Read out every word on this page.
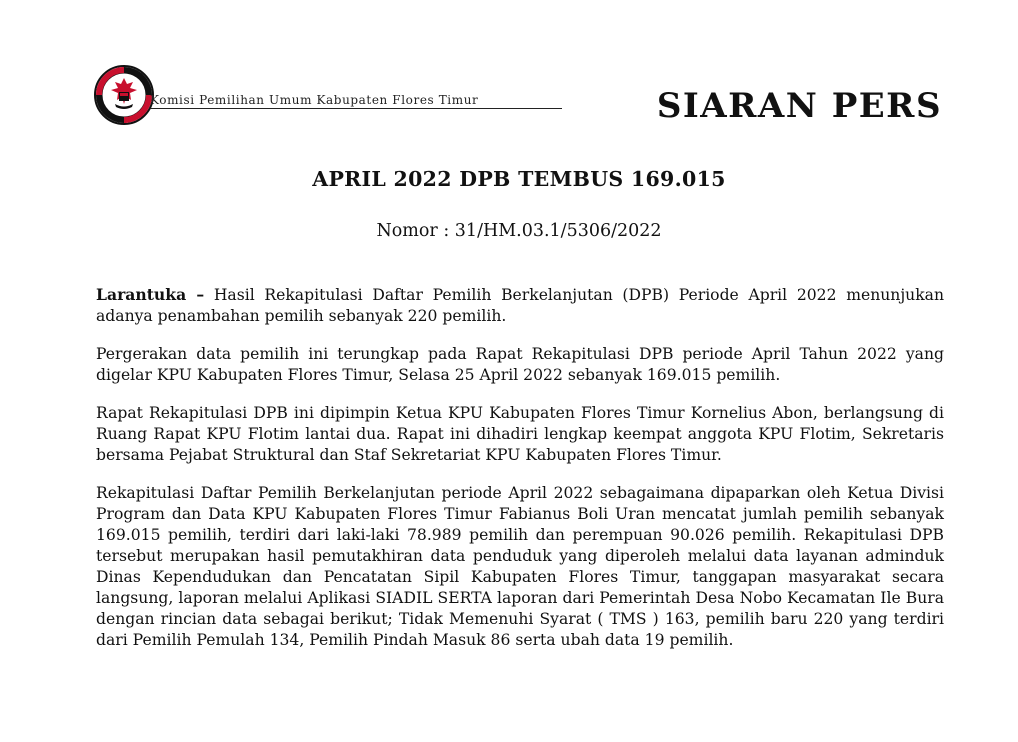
Komisi Pemilihan Umum Kabupaten Flores Timur	SIARAN PERS
APRIL 2022 DPB TEMBUS 169.015
Nomor : 31/HM.03.1/5306/2022

Larantuka – Hasil Rekapitulasi Daftar Pemilih Berkelanjutan (DPB) Periode April 2022 menunjukan adanya penambahan pemilih sebanyak 220 pemilih.

Pergerakan data pemilih ini terungkap pada Rapat Rekapitulasi DPB periode April Tahun 2022 yang digelar KPU Kabupaten Flores Timur, Selasa 25 April 2022 sebanyak 169.015 pemilih.

Rapat Rekapitulasi DPB ini dipimpin Ketua KPU Kabupaten Flores Timur Kornelius Abon, berlangsung di Ruang Rapat KPU Flotim lantai dua. Rapat ini dihadiri lengkap keempat anggota KPU Flotim, Sekretaris bersama Pejabat Struktural dan Staf Sekretariat KPU Kabupaten Flores Timur.

Rekapitulasi Daftar Pemilih Berkelanjutan periode April 2022 sebagaimana dipaparkan oleh Ketua Divisi Program dan Data KPU Kabupaten Flores Timur Fabianus Boli Uran mencatat jumlah pemilih sebanyak 169.015 pemilih, terdiri dari laki-laki 78.989 pemilih dan perempuan 90.026 pemilih. Rekapitulasi DPB tersebut merupakan hasil pemutakhiran data penduduk yang diperoleh melalui data layanan adminduk Dinas Kependudukan dan Pencatatan Sipil Kabupaten Flores Timur, tanggapan masyarakat secara langsung, laporan melalui Aplikasi SIADIL SERTA laporan dari Pemerintah Desa Nobo Kecamatan Ile Bura dengan rincian data sebagai berikut; Tidak Memenuhi Syarat ( TMS ) 163, pemilih baru 220 yang terdiri dari Pemilih Pemulah 134, Pemilih Pindah Masuk 86 serta ubah data 19 pemilih.
